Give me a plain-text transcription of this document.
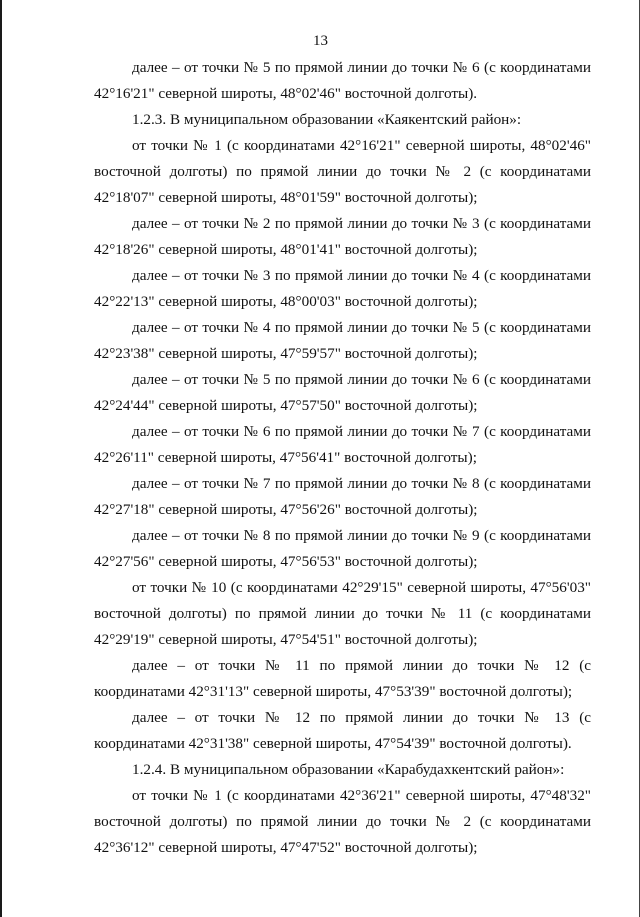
13

далее – от точки № 5 по прямой линии до точки № 6 (с координатами 42°16'21" северной широты, 48°02'46" восточной долготы).

1.2.3. В муниципальном образовании «Каякентский район»:

от точки № 1 (с координатами 42°16'21" северной широты, 48°02'46" восточной долготы) по прямой линии до точки № 2 (с координатами 42°18'07" северной широты, 48°01'59" восточной долготы);

далее – от точки № 2 по прямой линии до точки № 3 (с координатами 42°18'26" северной широты, 48°01'41" восточной долготы);

далее – от точки № 3 по прямой линии до точки № 4 (с координатами 42°22'13" северной широты, 48°00'03" восточной долготы);

далее – от точки № 4 по прямой линии до точки № 5 (с координатами 42°23'38" северной широты, 47°59'57" восточной долготы);

далее – от точки № 5 по прямой линии до точки № 6 (с координатами 42°24'44" северной широты, 47°57'50" восточной долготы);

далее – от точки № 6 по прямой линии до точки № 7 (с координатами 42°26'11" северной широты, 47°56'41" восточной долготы);

далее – от точки № 7 по прямой линии до точки № 8 (с координатами 42°27'18" северной широты, 47°56'26" восточной долготы);

далее – от точки № 8 по прямой линии до точки № 9 (с координатами 42°27'56" северной широты, 47°56'53" восточной долготы);

от точки № 10 (с координатами 42°29'15" северной широты, 47°56'03" восточной долготы) по прямой линии до точки № 11 (с координатами 42°29'19" северной широты, 47°54'51" восточной долготы);

далее – от точки № 11 по прямой линии до точки № 12 (с координатами 42°31'13" северной широты, 47°53'39" восточной долготы);

далее – от точки № 12 по прямой линии до точки № 13 (с координатами 42°31'38" северной широты, 47°54'39" восточной долготы).

1.2.4. В муниципальном образовании «Карабудахкентский район»:

от точки № 1 (с координатами 42°36'21" северной широты, 47°48'32" восточной долготы) по прямой линии до точки № 2 (с координатами 42°36'12" северной широты, 47°47'52" восточной долготы);
